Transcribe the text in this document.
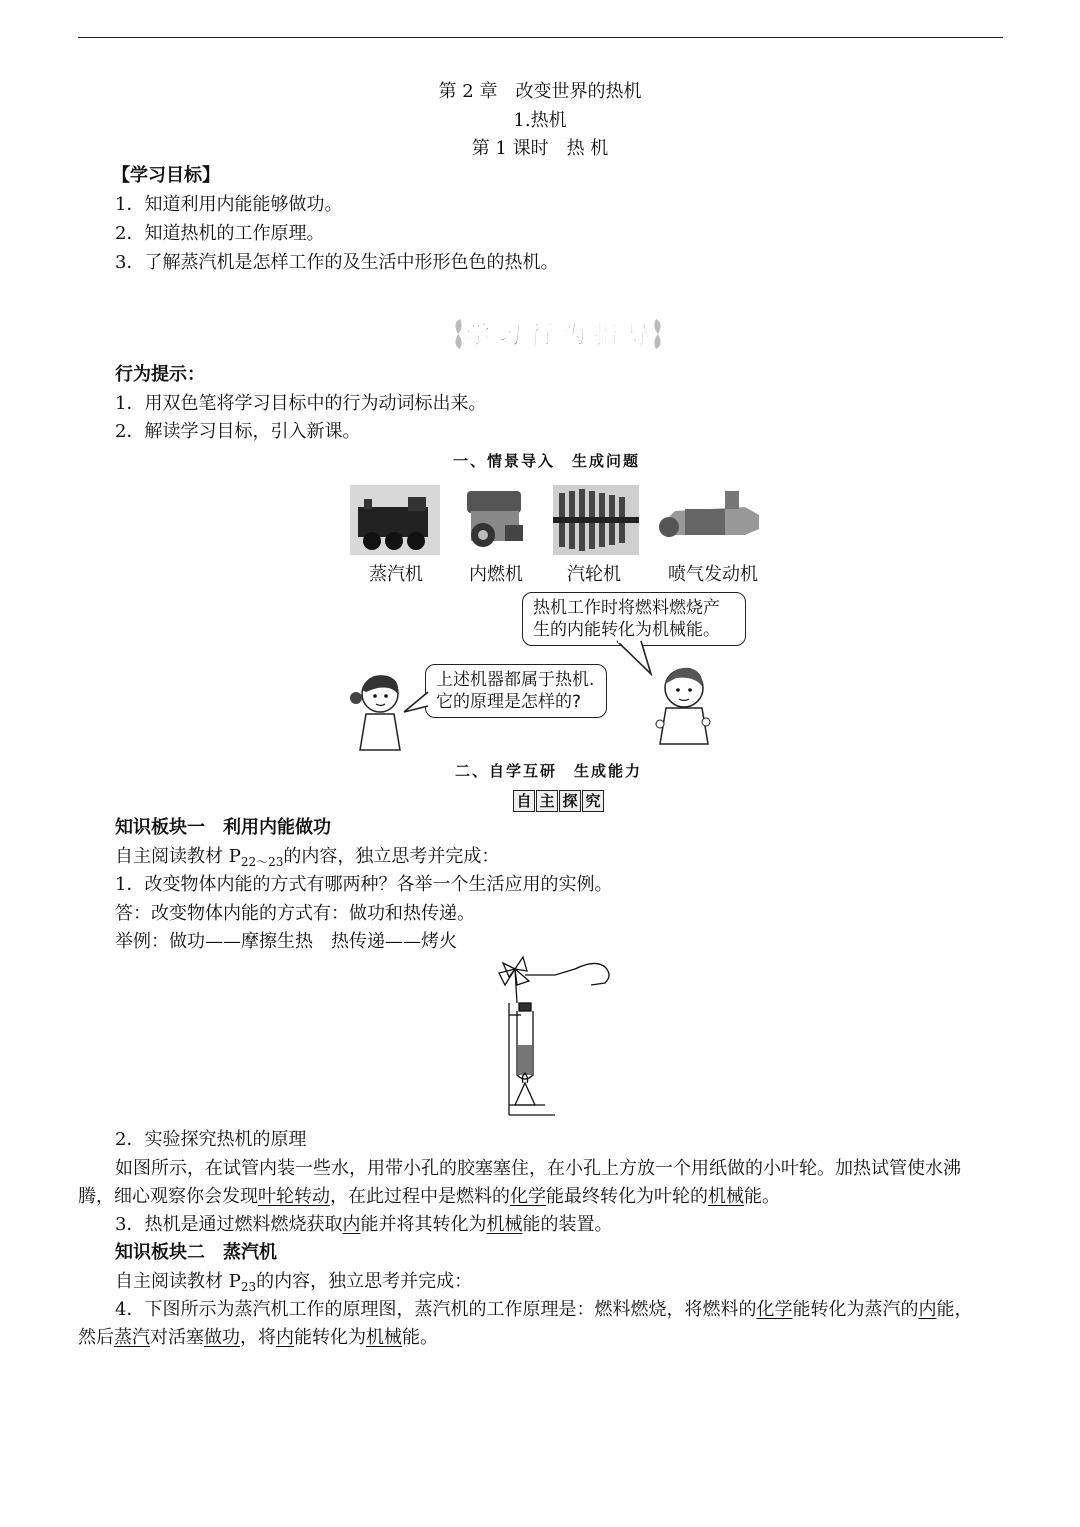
第 2 章　改变世界的热机
1.热机
第 1 课时　热 机
【学习目标】
1．知道利用内能能够做功。
2．知道热机的工作原理。
3．了解蒸汽机是怎样工作的及生活中形形色色的热机。
学 习 行 为 指 导
行为提示：
1．用双色笔将学习目标中的行为动词标出来。
2．解读学习目标，引入新课。
一、情景导入　生成问题
蒸汽机	内燃机 汽轮机	喷气发动机
热机工作时将燃料燃烧产
生的内能转化为机械能。
上述机器都属于热机.
它的原理是怎样的?
二、自学互研　生成能力
自 主 探 究
知识板块一　利用内能做功
自主阅读教材 $P_{22\sim 23}$的内容，独立思考并完成：
1．改变物体内能的方式有哪两种？各举一个生活应用的实例。
答：改变物体内能的方式有：做功和热传递。
举例：做功——摩擦生热　热传递——烤火
2．实验探究热机的原理
如图所示，在试管内装一些水，用带小孔的胶塞塞住，在小孔上方放一个用纸做的小叶轮。加热试管使水沸
腾，细心观察你会发现叶轮转动，在此过程中是燃料的化学能最终转化为叶轮的机械能。
3．热机是通过燃料燃烧获取内能并将其转化为机械能的装置。
知识板块二　蒸汽机
自主阅读教材 $P_{23}$的内容，独立思考并完成：
4．下图所示为蒸汽机工作的原理图，蒸汽机的工作原理是：燃料燃烧，将燃料的化学能转化为蒸汽的内能，
然后蒸汽对活塞做功，将内能转化为机械能。
